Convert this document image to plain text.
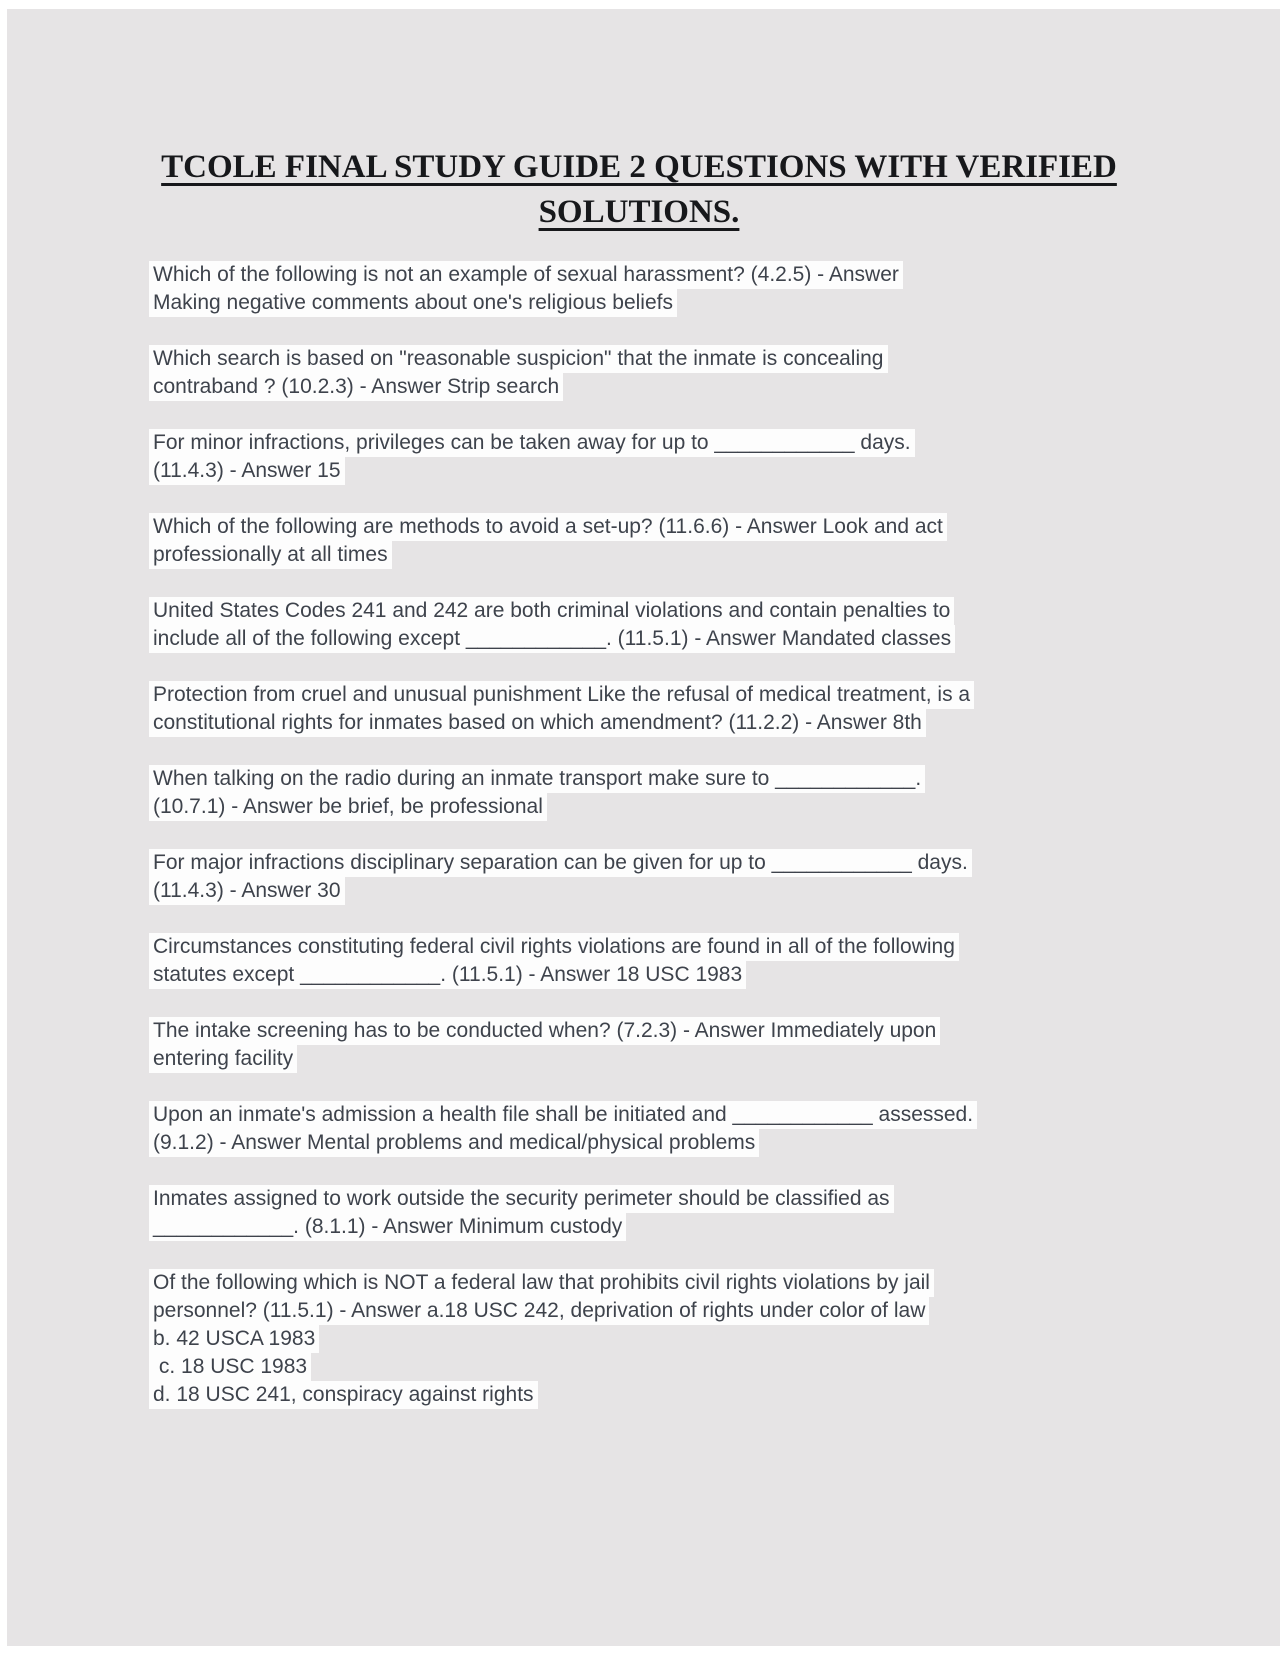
TCOLE FINAL STUDY GUIDE 2 QUESTIONS WITH VERIFIED
SOLUTIONS.

Which of the following is not an example of sexual harassment? (4.2.5) - Answer
Making negative comments about one's religious beliefs

Which search is based on "reasonable suspicion" that the inmate is concealing
contraband ? (10.2.3) - Answer Strip search

For minor infractions, privileges can be taken away for up to ____________ days.
(11.4.3) - Answer 15

Which of the following are methods to avoid a set-up? (11.6.6) - Answer Look and act
professionally at all times

United States Codes 241 and 242 are both criminal violations and contain penalties to
include all of the following except ____________. (11.5.1) - Answer Mandated classes

Protection from cruel and unusual punishment Like the refusal of medical treatment, is a
constitutional rights for inmates based on which amendment? (11.2.2) - Answer 8th

When talking on the radio during an inmate transport make sure to ____________.
(10.7.1) - Answer be brief, be professional

For major infractions disciplinary separation can be given for up to ____________ days.
(11.4.3) - Answer 30

Circumstances constituting federal civil rights violations are found in all of the following
statutes except ____________. (11.5.1) - Answer 18 USC 1983

The intake screening has to be conducted when? (7.2.3) - Answer Immediately upon
entering facility

Upon an inmate's admission a health file shall be initiated and ____________ assessed.
(9.1.2) - Answer Mental problems and medical/physical problems

Inmates assigned to work outside the security perimeter should be classified as
____________. (8.1.1) - Answer Minimum custody

Of the following which is NOT a federal law that prohibits civil rights violations by jail
personnel? (11.5.1) - Answer a.18 USC 242, deprivation of rights under color of law
b. 42 USCA 1983
c. 18 USC 1983
d. 18 USC 241, conspiracy against rights
